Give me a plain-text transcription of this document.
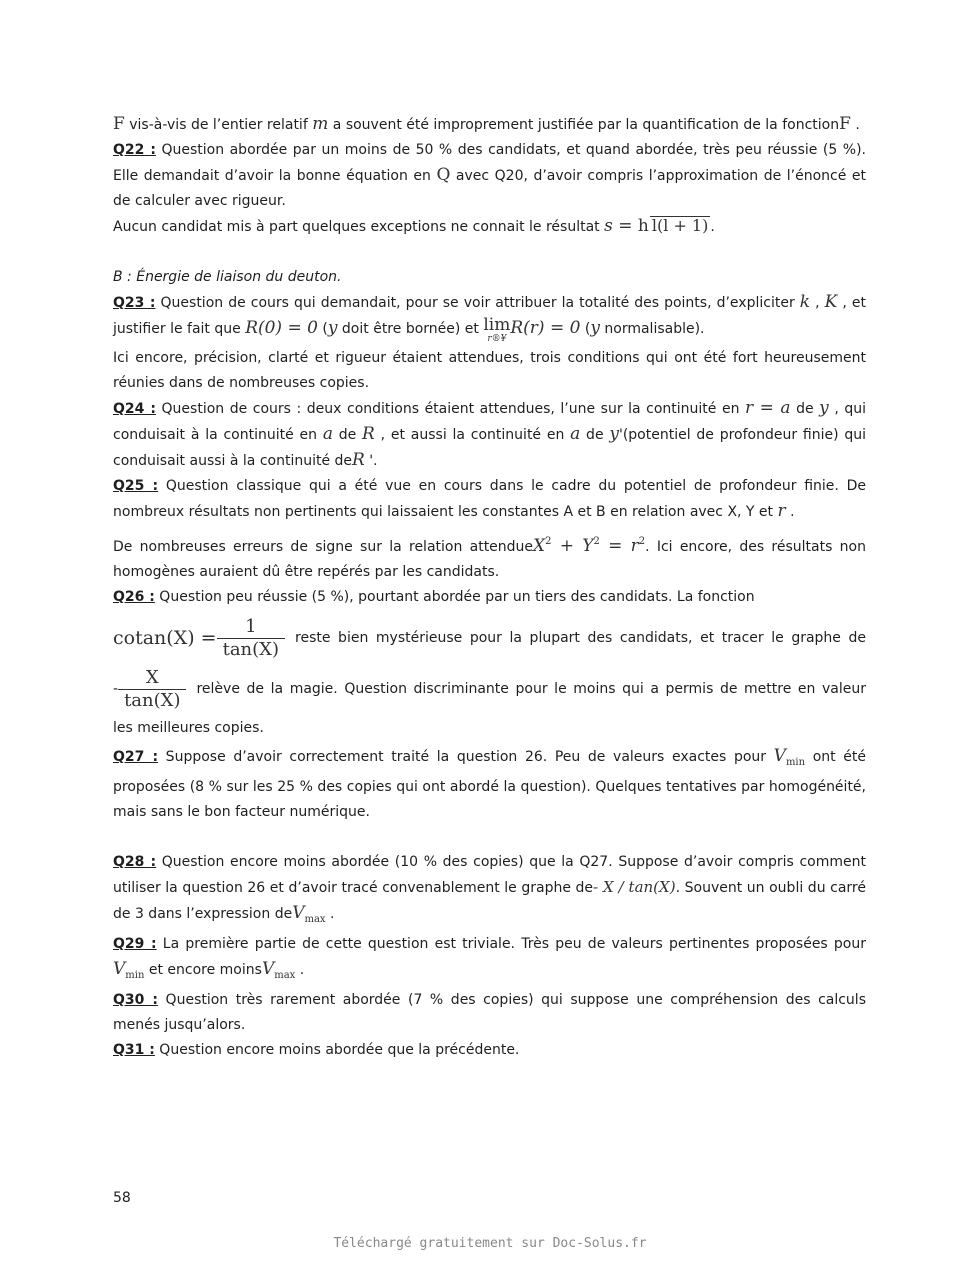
F vis-à-vis de l’entier relatif m a souvent été improprement justifiée par la quantification de la fonctionF .

Q22 : Question abordée par un moins de 50 % des candidats, et quand abordée, très peu réussie (5 %). Elle demandait d’avoir la bonne équation en Q avec Q20, d’avoir compris l’approximation de l’énoncé et de calculer avec rigueur.

Aucun candidat mis à part quelques exceptions ne connait le résultat s = h l(l + 1) .

B : Énergie de liaison du deuton.

Q23 : Question de cours qui demandait, pour se voir attribuer la totalité des points, d’expliciter k , K , et justifier le fait que R(0) = 0 (y doit être bornée) et lim
r®¥
R(r) = 0 (y normalisable).

Ici encore, précision, clarté et rigueur étaient attendues, trois conditions qui ont été fort heureusement réunies dans de nombreuses copies.

Q24 : Question de cours : deux conditions étaient attendues, l’une sur la continuité en r = a de y , qui conduisait à la continuité en a de R , et aussi la continuité en a de y'(potentiel de profondeur finie) qui conduisait aussi à la continuité deR '.

Q25 : Question classique qui a été vue en cours dans le cadre du potentiel de profondeur finie. De nombreux résultats non pertinents qui laissaient les constantes A et B en relation avec X, Y et r .

De nombreuses erreurs de signe sur la relation attendueX$^2$ + $Y^2 = r^2$. Ici encore, des résultats non homogènes auraient dû être repérés par les candidats.

Q26 : Question peu réussie (5 %), pourtant abordée par un tiers des candidats. La fonction

$cotan(X) = \frac{1}{\tan(X)}$ reste bien mystérieuse pour la plupart des candidats, et tracer le graphe de
- $\frac{X}{\tan(X)}$ relève de la magie. Question discriminante pour le moins qui a permis de mettre en valeur

les meilleures copies.

Q27 : Suppose d’avoir correctement traité la question 26. Peu de valeurs exactes pour $V_{min}$ ont été proposées (8 % sur les 25 % des copies qui ont abordé la question). Quelques tentatives par homogénéité, mais sans le bon facteur numérique.

Q28 : Question encore moins abordée (10 % des copies) que la Q27. Suppose d’avoir compris comment utiliser la question 26 et d’avoir tracé convenablement le graphe de- X / tan(X). Souvent un oubli du carré de 3 dans l’expression deV$_{max}$ .

Q29 : La première partie de cette question est triviale. Très peu de valeurs pertinentes proposées pour $V_{min}$ et encore moinsV$_{max}$ .

Q30 : Question très rarement abordée (7 % des copies) qui suppose une compréhension des calculs menés jusqu’alors.

Q31 : Question encore moins abordée que la précédente.

58
Téléchargé gratuitement sur Doc-Solus.fr
